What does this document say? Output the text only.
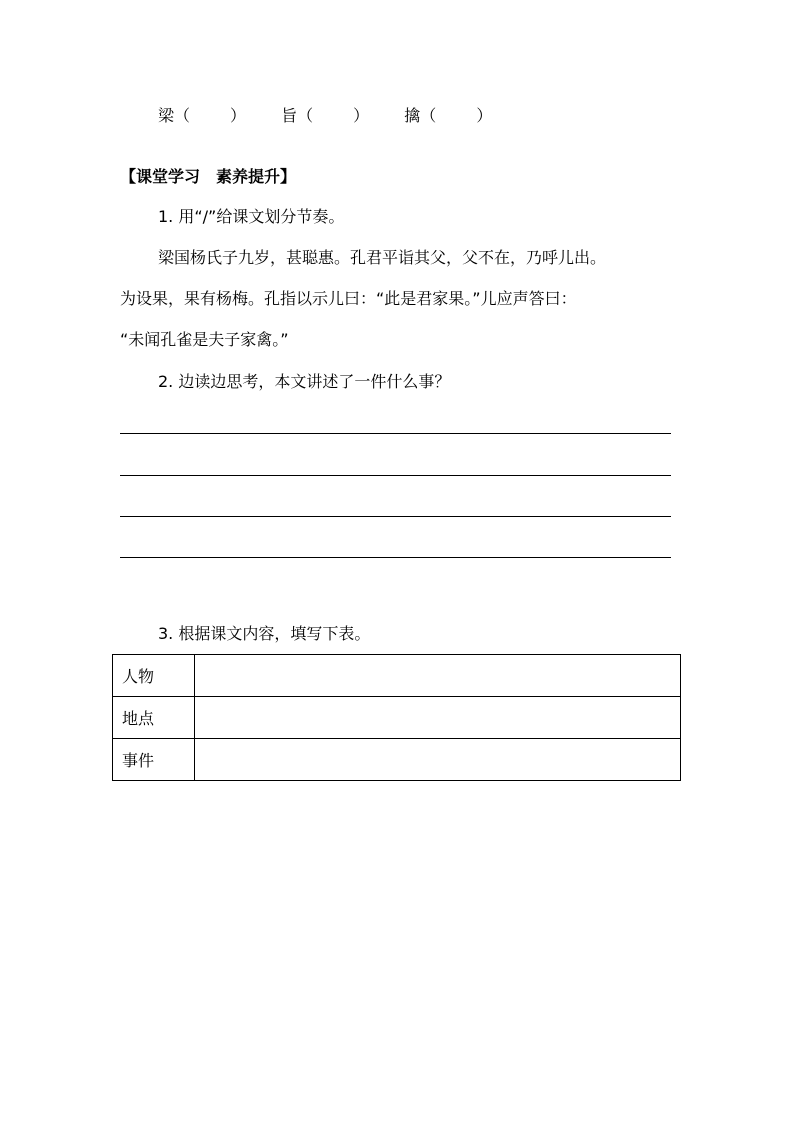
梁（	） 旨（	） 擒（	）
【课堂学习 素养提升】
1. 用“/”给课文划分节奏。
梁国杨氏子九岁，甚聪惠。孔君平诣其父，父不在，乃呼儿出。
为设果，果有杨梅。孔指以示儿曰：“此是君家果。”儿应声答曰：
“未闻孔雀是夫子家禽。”
2. 边读边思考，本文讲述了一件什么事？
3. 根据课文内容，填写下表。
人物	
地点	
事件	
